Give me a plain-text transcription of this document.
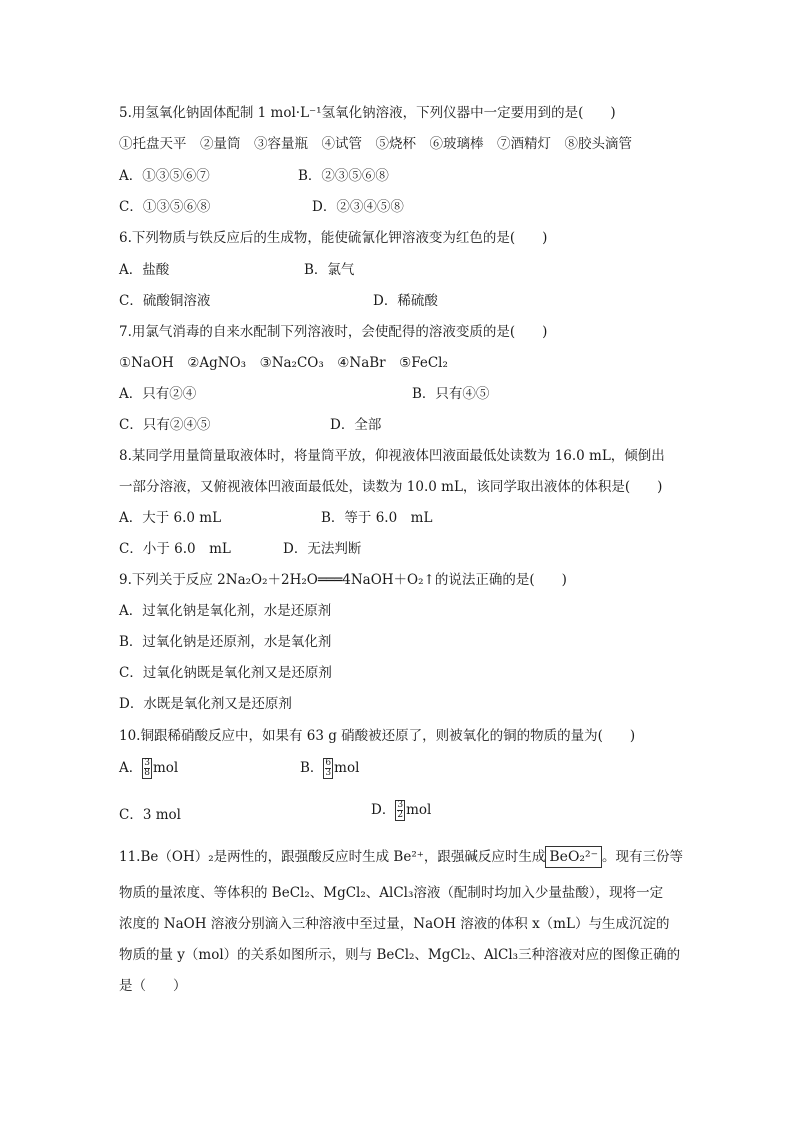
5.用氢氧化钠固体配制 1 mol·L⁻¹氢氧化钠溶液，下列仪器中一定要用到的是(　　)
①托盘天平　②量筒　③容量瓶　④试管　⑤烧杯　⑥玻璃棒　⑦酒精灯　⑧胶头滴管
A．①③⑤⑥⑦	B．②③⑤⑥⑧
C．①③⑤⑥⑧	D．②③④⑤⑧
6.下列物质与铁反应后的生成物，能使硫氰化钾溶液变为红色的是(　　)
A．盐酸	B．氯气
C．硫酸铜溶液	D．稀硫酸
7.用氯气消毒的自来水配制下列溶液时，会使配得的溶液变质的是(　　)
①NaOH　②AgNO₃　③Na₂CO₃　④NaBr　⑤FeCl₂
A．只有②④	B．只有④⑤
C．只有②④⑤	D．全部
8.某同学用量筒量取液体时，将量筒平放，仰视液体凹液面最低处读数为 16.0 mL，倾倒出
一部分溶液，又俯视液体凹液面最低处，读数为 10.0 mL，该同学取出液体的体积是(　　)
A．大于 6.0 mL	B．等于 6.0　mL
C．小于 6.0　mL	D．无法判断
9.下列关于反应 2Na₂O₂＋2H₂O═══4NaOH＋O₂↑的说法正确的是(　　)
A．过氧化钠是氧化剂，水是还原剂
B．过氧化钠是还原剂，水是氧化剂
C．过氧化钠既是氧化剂又是还原剂
D．水既是氧化剂又是还原剂
10.铜跟稀硝酸反应中，如果有 63 g 硝酸被还原了，则被氧化的铜的物质的量为(　　)
A． $\frac{3}{8}$ mol	B． $\frac{6}{3}$ mol
C．3 mol	D． $\frac{3}{2}$ mol
11.Be（OH）₂是两性的，跟强酸反应时生成 Be²⁺，跟强碱反应时生成 BeO₂²⁻ 。现有三份等
物质的量浓度、等体积的 BeCl₂、MgCl₂、AlCl₃溶液（配制时均加入少量盐酸），现将一定
浓度的 NaOH 溶液分别滴入三种溶液中至过量，NaOH 溶液的体积 x（mL）与生成沉淀的
物质的量 y（mol）的关系如图所示，则与 BeCl₂、MgCl₂、AlCl₃三种溶液对应的图像正确的
是（　　）
